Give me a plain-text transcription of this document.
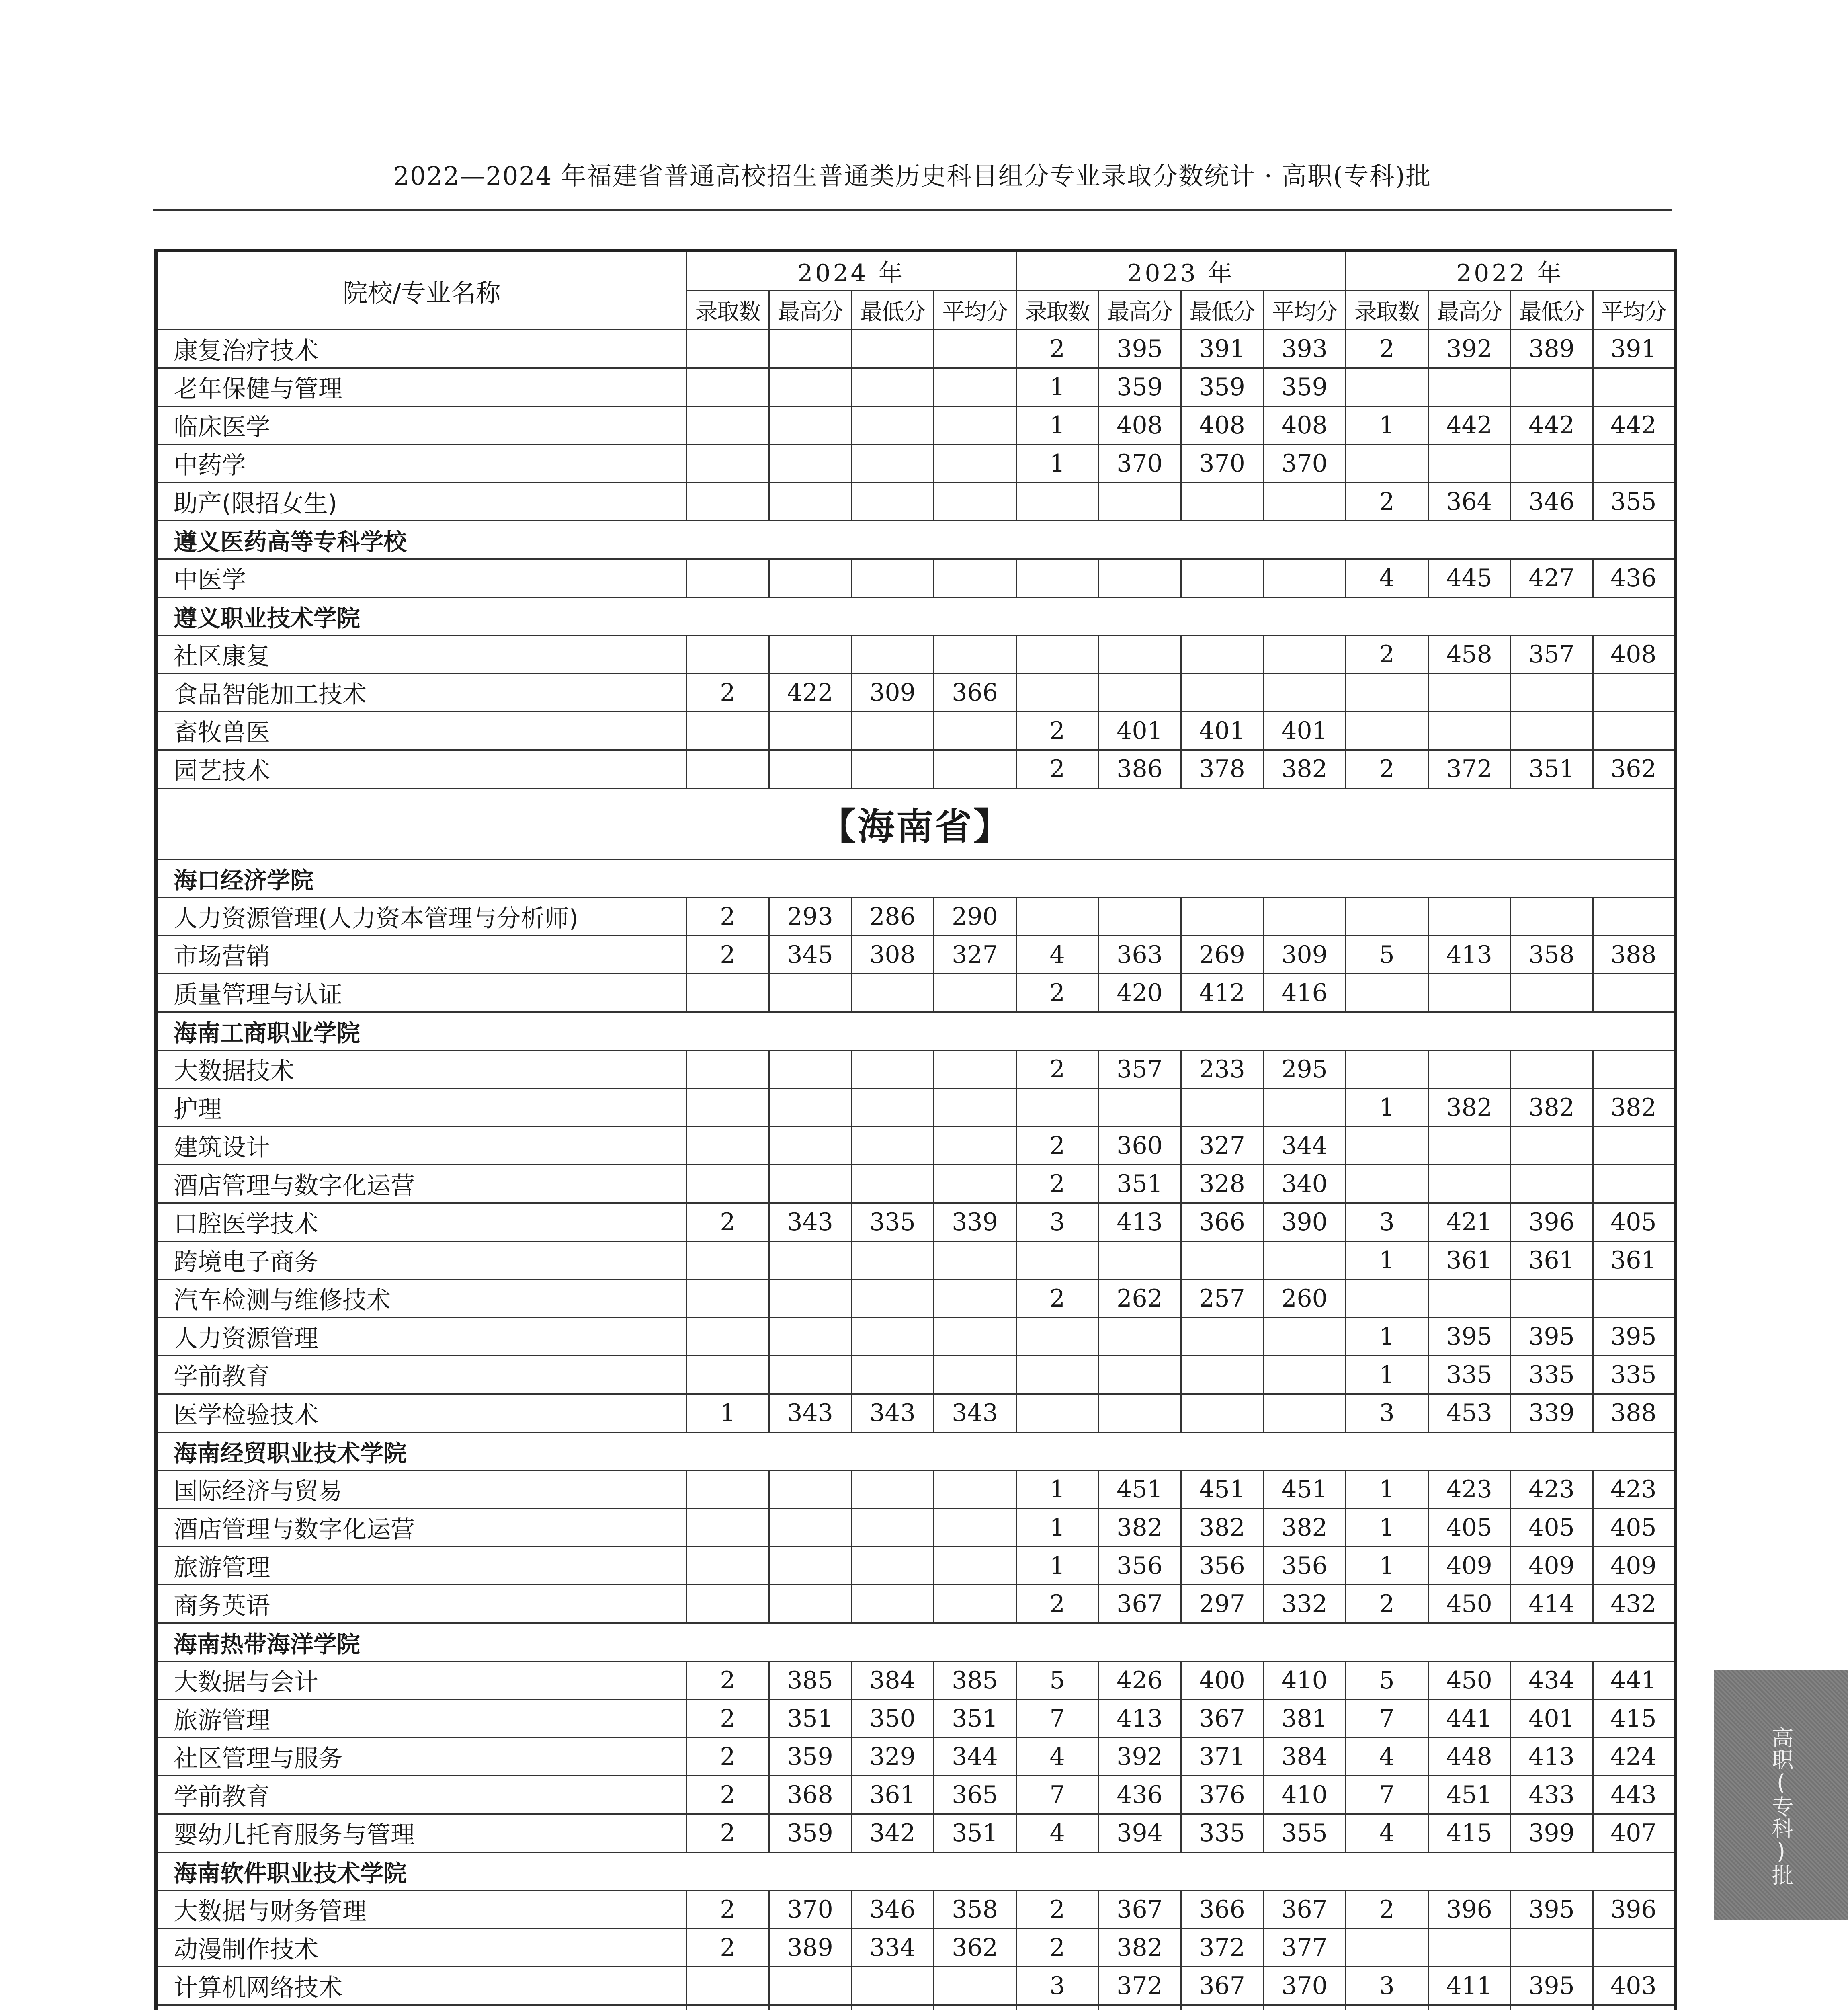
2022—2024 年福建省普通高校招生普通类历史科目组分专业录取分数统计 · 高职(专科)批
院校/专业名称	2024 年				2023 年				2022 年			
	录取数	最高分	最低分	平均分	录取数	最高分	最低分	平均分	录取数	最高分	最低分	平均分
康复治疗技术					2	395	391	393	2	392	389	391
老年保健与管理					1	359	359	359				
临床医学					1	408	408	408	1	442	442	442
中药学					1	370	370	370				
助产(限招女生)									2	364	346	355
遵义医药高等专科学校												
中医学									4	445	427	436
遵义职业技术学院												
社区康复									2	458	357	408
食品智能加工技术	2	422	309	366								
畜牧兽医					2	401	401	401				
园艺技术					2	386	378	382	2	372	351	362
【海南省】												
海口经济学院												
人力资源管理(人力资本管理与分析师)	2	293	286	290								
市场营销	2	345	308	327	4	363	269	309	5	413	358	388
质量管理与认证					2	420	412	416				
海南工商职业学院												
大数据技术					2	357	233	295				
护理									1	382	382	382
建筑设计					2	360	327	344				
酒店管理与数字化运营					2	351	328	340				
口腔医学技术	2	343	335	339	3	413	366	390	3	421	396	405
跨境电子商务									1	361	361	361
汽车检测与维修技术					2	262	257	260				
人力资源管理									1	395	395	395
学前教育									1	335	335	335
医学检验技术	1	343	343	343					3	453	339	388
海南经贸职业技术学院												
国际经济与贸易					1	451	451	451	1	423	423	423
酒店管理与数字化运营					1	382	382	382	1	405	405	405
旅游管理					1	356	356	356	1	409	409	409
商务英语					2	367	297	332	2	450	414	432
海南热带海洋学院												
大数据与会计	2	385	384	385	5	426	400	410	5	450	434	441
旅游管理	2	351	350	351	7	413	367	381	7	441	401	415
社区管理与服务	2	359	329	344	4	392	371	384	4	448	413	424
学前教育	2	368	361	365	7	436	376	410	7	451	433	443
婴幼儿托育服务与管理	2	359	342	351	4	394	335	355	4	415	399	407
海南软件职业技术学院												
大数据与财务管理	2	370	346	358	2	367	366	367	2	396	395	396
动漫制作技术	2	389	334	362	2	382	372	377				
计算机网络技术					3	372	367	370	3	411	395	403

高职(专科)批
